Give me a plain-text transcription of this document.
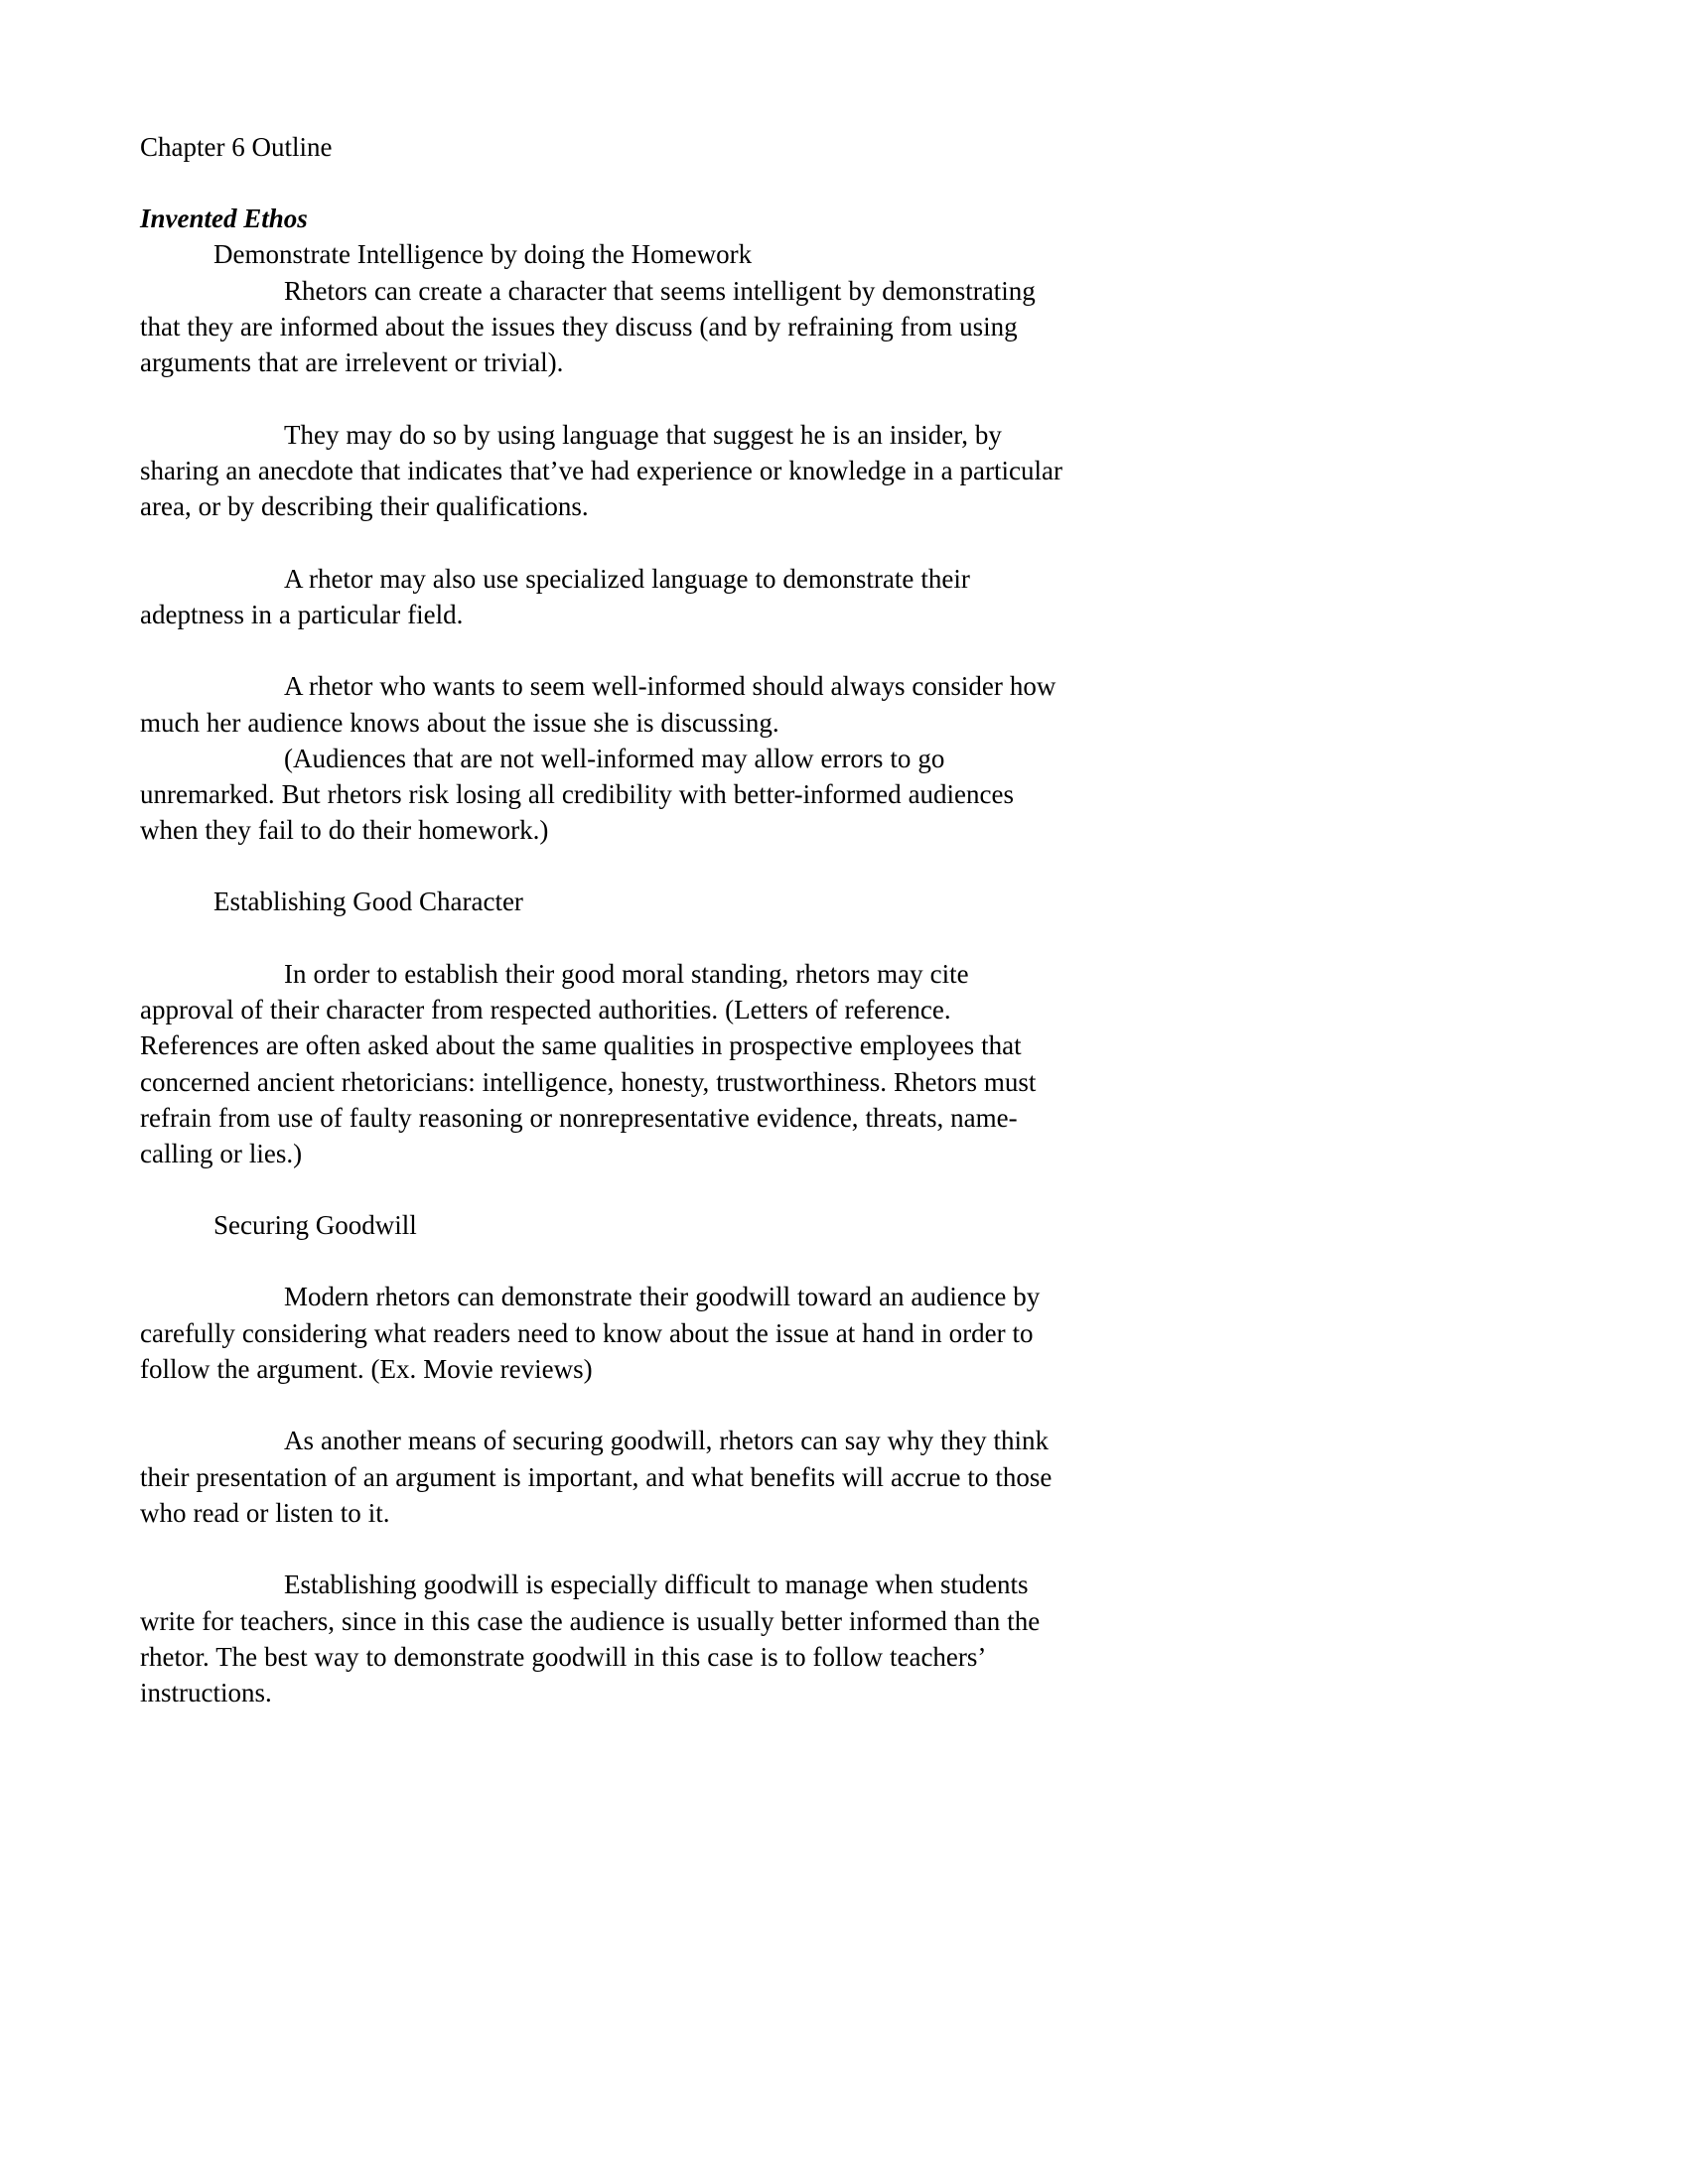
Chapter 6 Outline

Invented Ethos

Demonstrate Intelligence by doing the Homework

Rhetors can create a character that seems intelligent by demonstrating that they are informed about the issues they discuss (and by refraining from using arguments that are irrelevent or trivial).

They may do so by using language that suggest he is an insider, by sharing an anecdote that indicates that’ve had experience or knowledge in a particular area, or by describing their qualifications.

A rhetor may also use specialized language to demonstrate their adeptness in a particular field.

A rhetor who wants to seem well-informed should always consider how much her audience knows about the issue she is discussing.

(Audiences that are not well-informed may allow errors to go unremarked. But rhetors risk losing all credibility with better-informed audiences when they fail to do their homework.)

Establishing Good Character

In order to establish their good moral standing, rhetors may cite approval of their character from respected authorities. (Letters of reference. References are often asked about the same qualities in prospective employees that concerned ancient rhetoricians: intelligence, honesty, trustworthiness. Rhetors must refrain from use of faulty reasoning or nonrepresentative evidence, threats, name-calling or lies.)

Securing Goodwill

Modern rhetors can demonstrate their goodwill toward an audience by carefully considering what readers need to know about the issue at hand in order to follow the argument. (Ex. Movie reviews)

As another means of securing goodwill, rhetors can say why they think their presentation of an argument is important, and what benefits will accrue to those who read or listen to it.

Establishing goodwill is especially difficult to manage when students write for teachers, since in this case the audience is usually better informed than the rhetor. The best way to demonstrate goodwill in this case is to follow teachers’ instructions.
